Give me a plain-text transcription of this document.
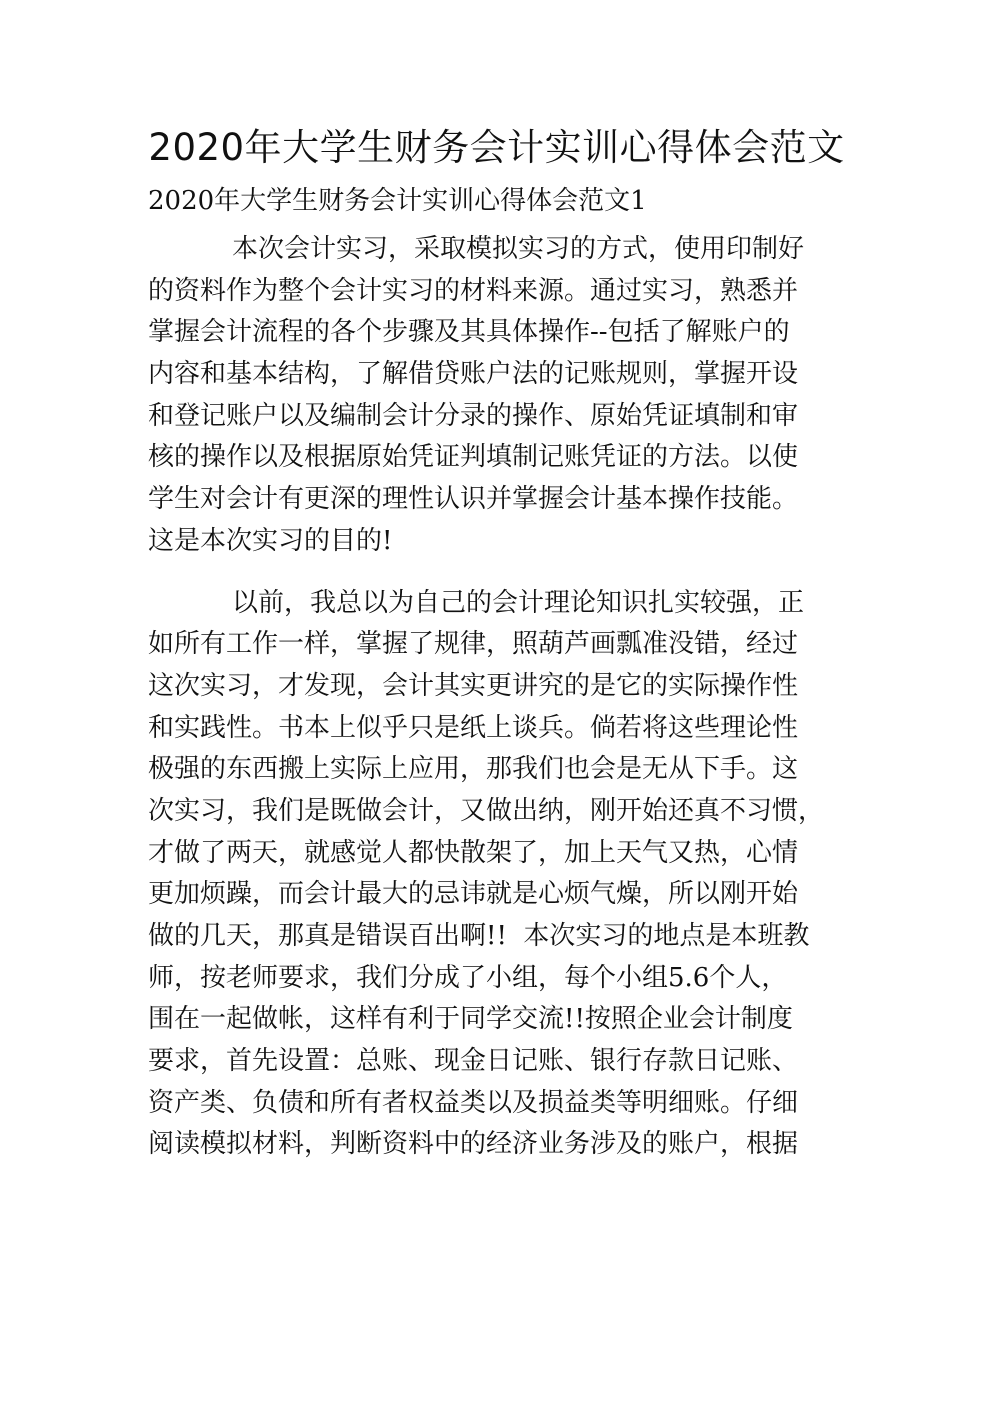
2020年大学生财务会计实训心得体会范文
2020年大学生财务会计实训心得体会范文1
本次会计实习，采取模拟实习的方式，使用印制好
的资料作为整个会计实习的材料来源。通过实习，熟悉并
掌握会计流程的各个步骤及其具体操作--包括了解账户的
内容和基本结构，了解借贷账户法的记账规则，掌握开设
和登记账户以及编制会计分录的操作、原始凭证填制和审
核的操作以及根据原始凭证判填制记账凭证的方法。以使
学生对会计有更深的理性认识并掌握会计基本操作技能。
这是本次实习的目的!
以前，我总以为自己的会计理论知识扎实较强，正
如所有工作一样，掌握了规律，照葫芦画瓢准没错，经过
这次实习，才发现，会计其实更讲究的是它的实际操作性
和实践性。书本上似乎只是纸上谈兵。倘若将这些理论性
极强的东西搬上实际上应用，那我们也会是无从下手。这
次实习，我们是既做会计，又做出纳，刚开始还真不习惯，
才做了两天，就感觉人都快散架了，加上天气又热，心情
更加烦躁，而会计最大的忌讳就是心烦气燥，所以刚开始
做的几天，那真是错误百出啊!!  本次实习的地点是本班教
师，按老师要求，我们分成了小组，每个小组5.6个人，
围在一起做帐，这样有利于同学交流!!按照企业会计制度
要求，首先设置：总账、现金日记账、银行存款日记账、
资产类、负债和所有者权益类以及损益类等明细账。仔细
阅读模拟材料，判断资料中的经济业务涉及的账户，根据
